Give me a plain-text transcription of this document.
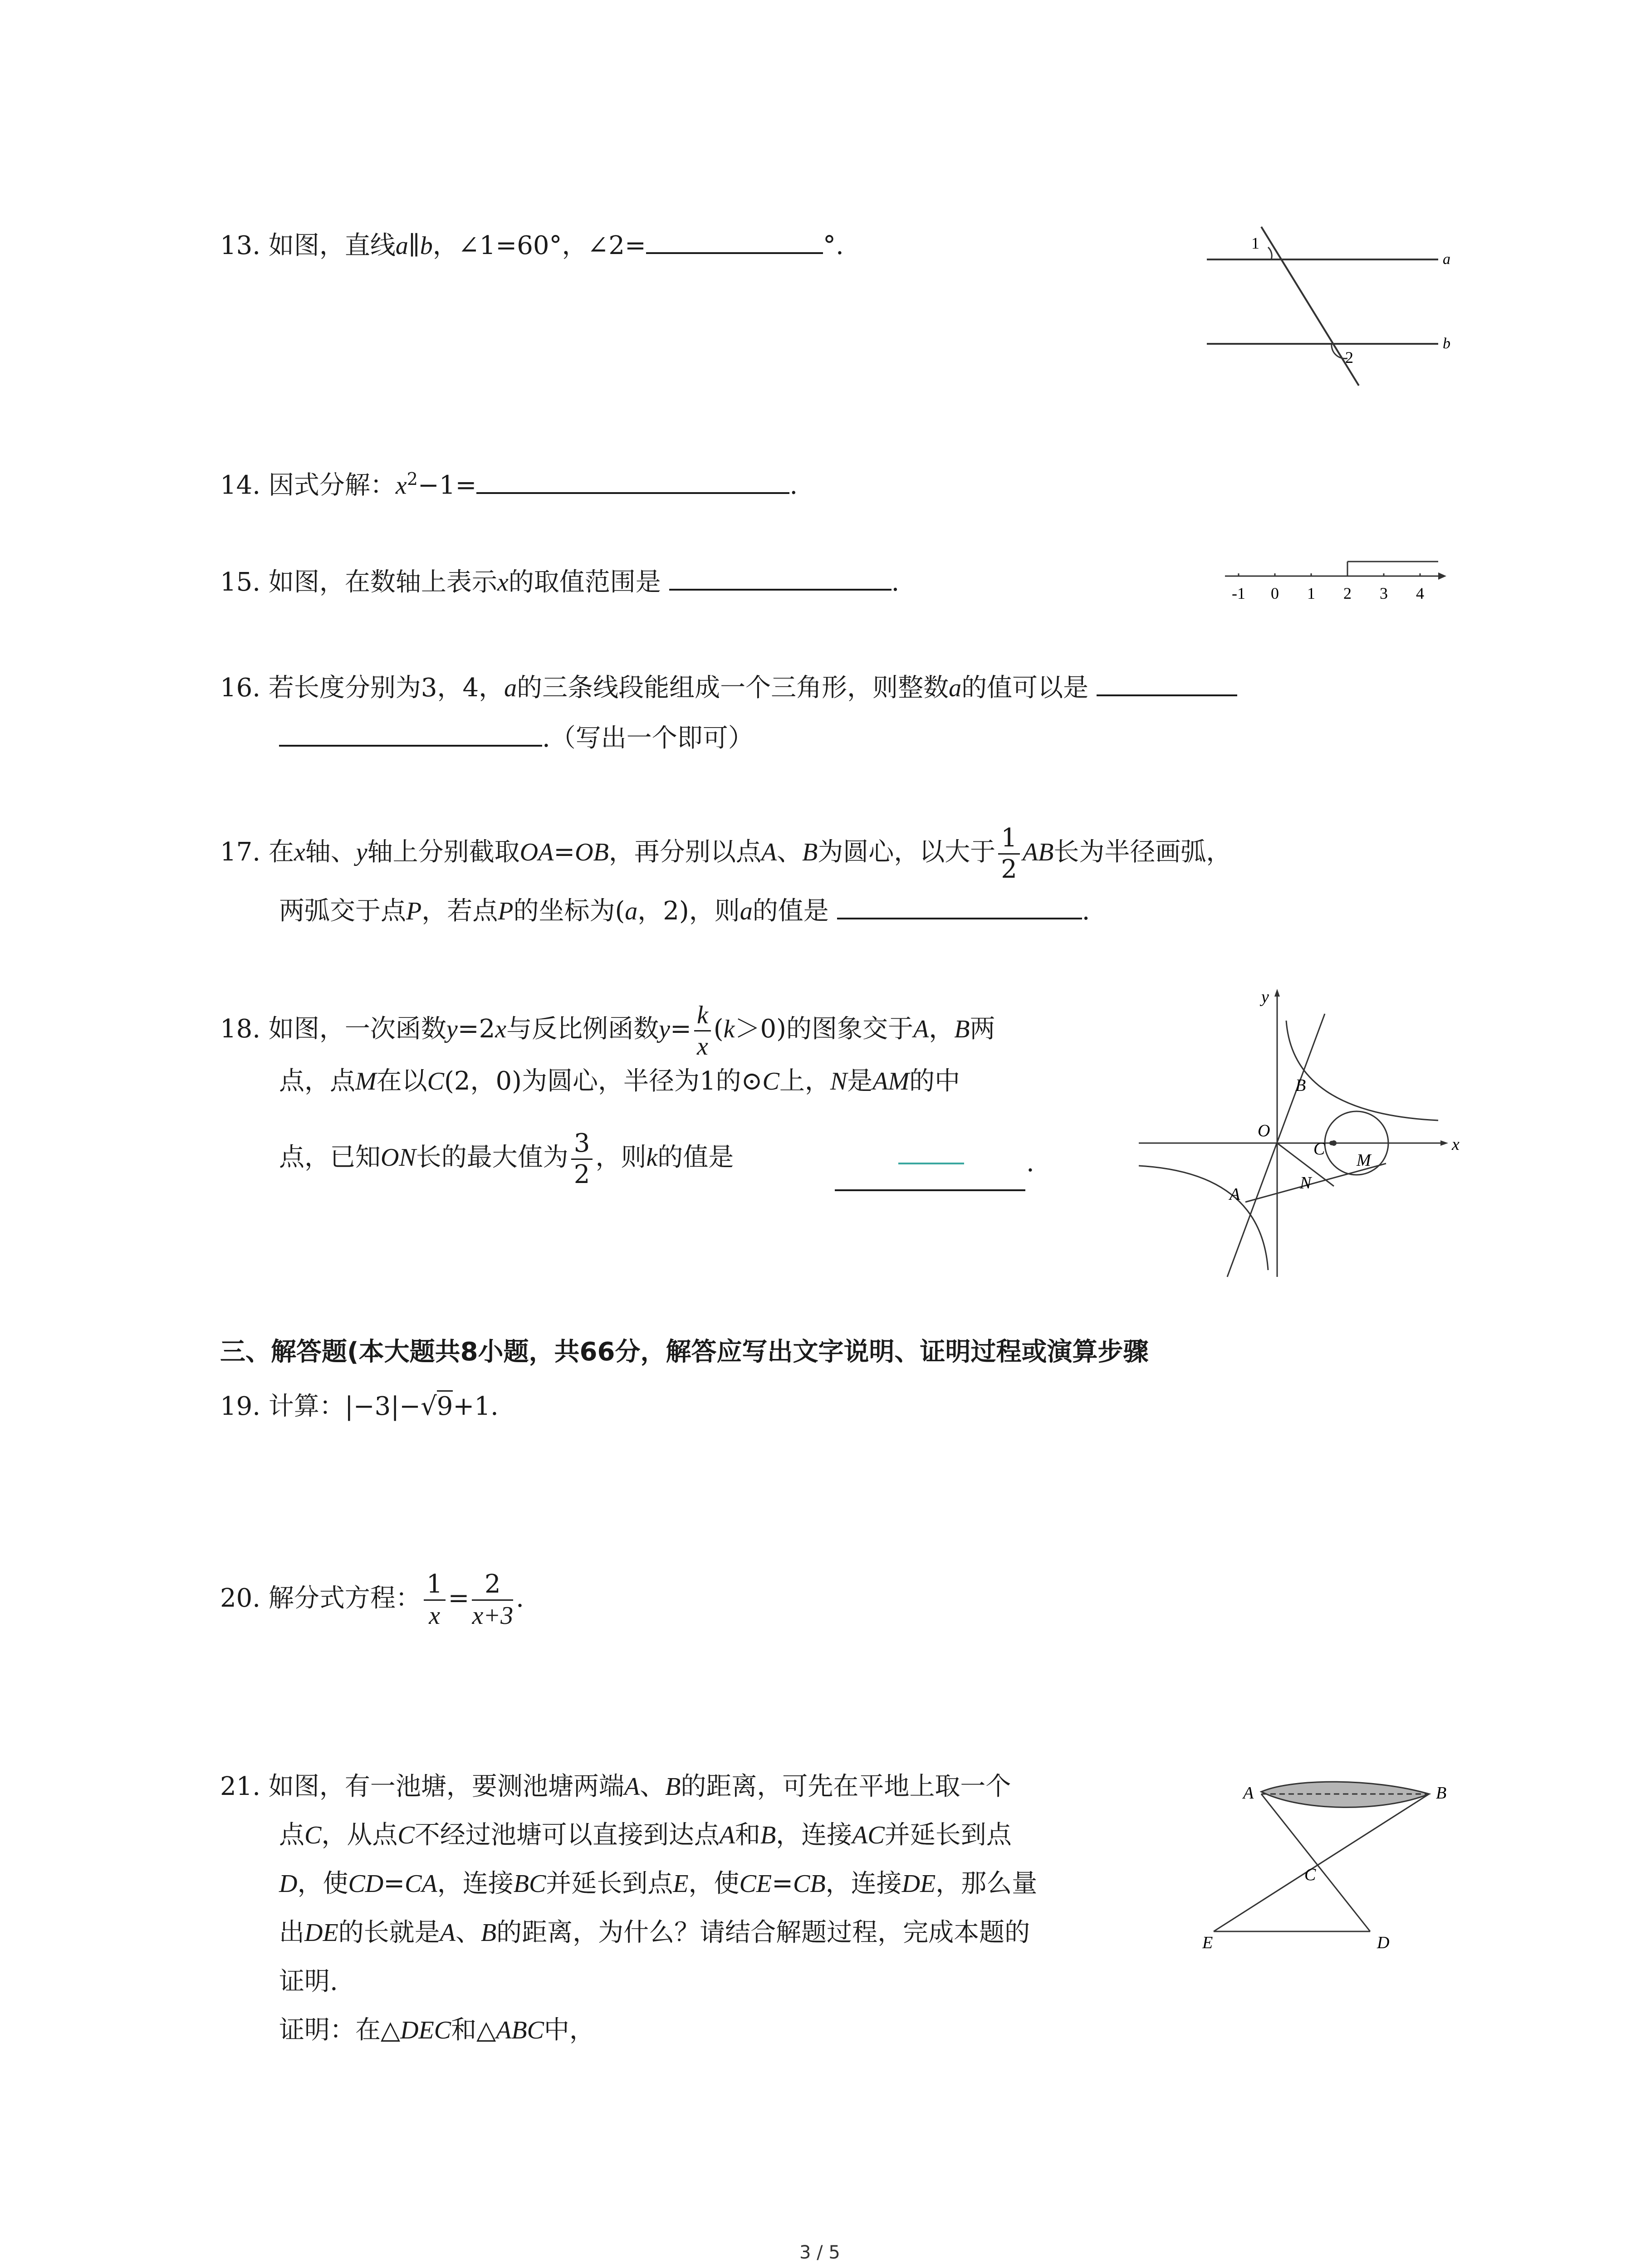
13. 如图，直线a∥b，∠1=60°，∠2=	°.	1
2
a
b
14. 因式分解：$x^2-1=$	.
15. 如图，在数轴上表示x的取值范围是	.	-1 0 1 2 3 4
16. 若长度分别为3，4，a的三条线段能组成一个三角形，则整数a的值可以是
.（写出一个即可）
17. 在x轴、y轴上分别截取OA=OB，再分别以点A、B为圆心，以大于 $\frac{1}{2}$ AB长为半径画弧，
两弧交于点P，若点P的坐标为(a，2)，则a的值是	.
18. 如图，一次函数y=2x与反比例函数$y= \frac{k}{x} (k>0)$的图象交于A，B两
点，点M在以C(2，0)为圆心，半径为1的⊙C上，N是AM的中
点，已知ON长的最大值为 $\frac{3}{2}$ ，则k的值是	.
y
x
O
B
C
M
A
N
三、解答题(本大题共8小题，共66分，解答应写出文字说明、证明过程或演算步骤
19. 计算：|−3|−√9+1.
20. 解分式方程： $\frac{1}{x} = \frac{2}{x+3}$ .
21. 如图，有一池塘，要测池塘两端A、B的距离，可先在平地上取一个
点C，从点C不经过池塘可以直接到达点A和B，连接AC并延长到点
D，使CD=CA，连接BC并延长到点E，使CE=CB，连接DE，那么量
出DE的长就是A、B的距离，为什么？请结合解题过程，完成本题的
证明.
证明：在△DEC和△ABC中，
A	B
C
E	D
3 / 5
